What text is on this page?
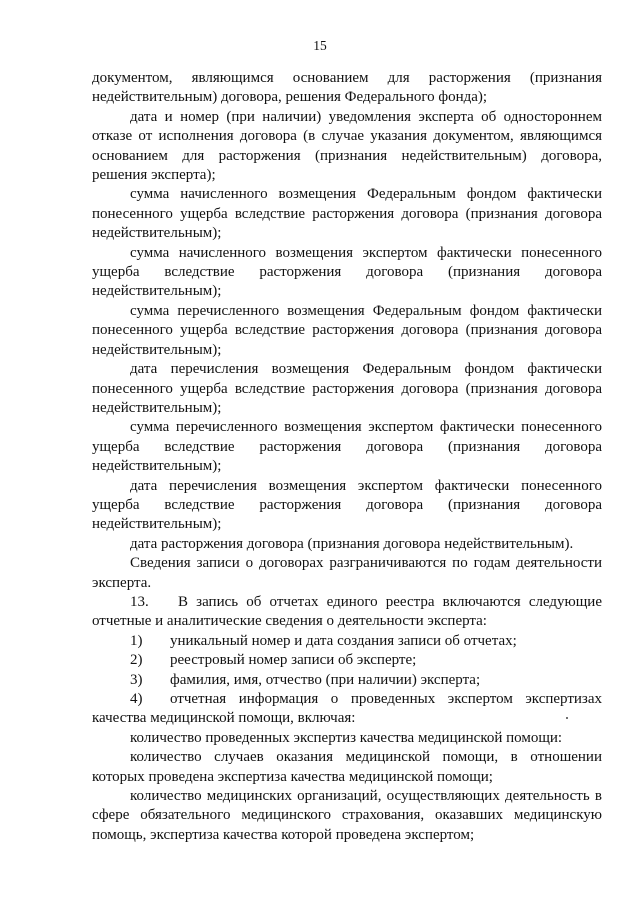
15

документом, являющимся основанием для расторжения (признания недействительным) договора, решения Федерального фонда);

дата и номер (при наличии) уведомления эксперта об одностороннем отказе от исполнения договора (в случае указания документом, являющимся основанием для расторжения (признания недействительным) договора, решения эксперта);

сумма начисленного возмещения Федеральным фондом фактически понесенного ущерба вследствие расторжения договора (признания договора недействительным);

сумма начисленного возмещения экспертом фактически понесенного ущерба вследствие расторжения договора (признания договора недействительным);

сумма перечисленного возмещения Федеральным фондом фактически понесенного ущерба вследствие расторжения договора (признания договора недействительным);

дата перечисления возмещения Федеральным фондом фактически понесенного ущерба вследствие расторжения договора (признания договора недействительным);

сумма перечисленного возмещения экспертом фактически понесенного ущерба вследствие расторжения договора (признания договора недействительным);

дата перечисления возмещения экспертом фактически понесенного ущерба вследствие расторжения договора (признания договора недействительным);

дата расторжения договора (признания договора недействительным).

Сведения записи о договорах разграничиваются по годам деятельности эксперта.

13. В запись об отчетах единого реестра включаются следующие отчетные и аналитические сведения о деятельности эксперта:

1) уникальный номер и дата создания записи об отчетах;

2) реестровый номер записи об эксперте;

3) фамилия, имя, отчество (при наличии) эксперта;

4) отчетная информация о проведенных экспертом экспертизах качества медицинской помощи, включая:

количество проведенных экспертиз качества медицинской помощи:

количество случаев оказания медицинской помощи, в отношении которых проведена экспертиза качества медицинской помощи;

количество медицинских организаций, осуществляющих деятельность в сфере обязательного медицинского страхования, оказавших медицинскую помощь, экспертиза качества которой проведена экспертом;
